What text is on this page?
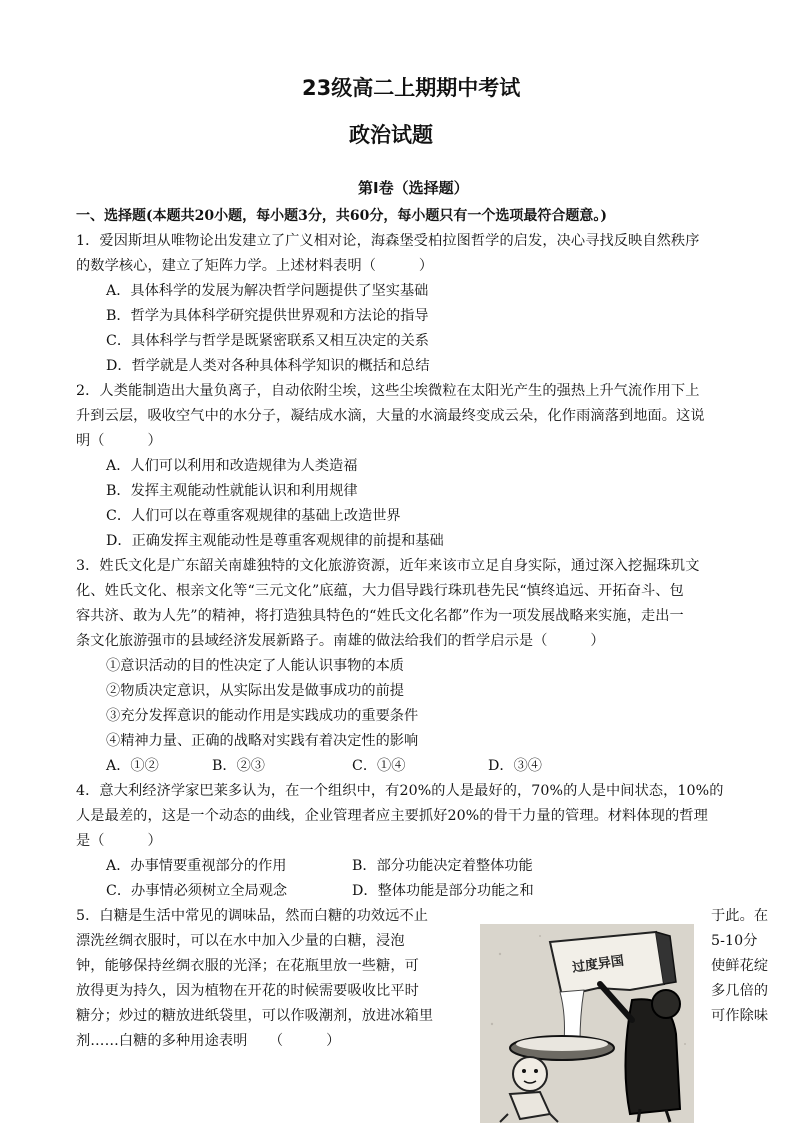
23级高二上期期中考试
政治试题
第Ⅰ卷（选择题）
一、选择题(本题共20小题，每小题3分，共60分，每小题只有一个选项最符合题意。)
1．爱因斯坦从唯物论出发建立了广义相对论，海森堡受柏拉图哲学的启发，决心寻找反映自然秩序
的数学核心，建立了矩阵力学。上述材料表明（　　　）
A．具体科学的发展为解决哲学问题提供了坚实基础
B．哲学为具体科学研究提供世界观和方法论的指导
C．具体科学与哲学是既紧密联系又相互决定的关系
D．哲学就是人类对各种具体科学知识的概括和总结
2．人类能制造出大量负离子，自动依附尘埃，这些尘埃微粒在太阳光产生的强热上升气流作用下上
升到云层，吸收空气中的水分子，凝结成水滴，大量的水滴最终变成云朵，化作雨滴落到地面。这说
明（　　　）
A．人们可以利用和改造规律为人类造福
B．发挥主观能动性就能认识和利用规律
C．人们可以在尊重客观规律的基础上改造世界
D．正确发挥主观能动性是尊重客观规律的前提和基础
3．姓氏文化是广东韶关南雄独特的文化旅游资源，近年来该市立足自身实际，通过深入挖掘珠玑文
化、姓氏文化、根亲文化等“三元文化”底蕴，大力倡导践行珠玑巷先民“慎终追远、开拓奋斗、包
容共济、敢为人先”的精神，将打造独具特色的“姓氏文化名都”作为一项发展战略来实施，走出一
条文化旅游强市的县域经济发展新路子。南雄的做法给我们的哲学启示是（　　　）
①意识活动的目的性决定了人能认识事物的本质
②物质决定意识，从实际出发是做事成功的前提
③充分发挥意识的能动作用是实践成功的重要条件
④精神力量、正确的战略对实践有着决定性的影响
A．①②	B．②③	C．①④	D．③④
4．意大利经济学家巴莱多认为，在一个组织中，有20%的人是最好的，70%的人是中间状态，10%的
人是最差的，这是一个动态的曲线，企业管理者应主要抓好20%的骨干力量的管理。材料体现的哲理
是（　　　）
A．办事情要重视部分的作用	B．部分功能决定着整体功能
C．办事情必须树立全局观念	D．整体功能是部分功能之和
5．白糖是生活中常见的调味品，然而白糖的功效远不止	于此。在
漂洗丝绸衣服时，可以在水中加入少量的白糖，浸泡	5-10分
钟，能够保持丝绸衣服的光泽；在花瓶里放一些糖，可	使鲜花绽
放得更为持久，因为植物在开花的时候需要吸收比平时	多几倍的
糖分；炒过的糖放进纸袋里，可以作吸潮剂，放进冰箱里	可作除味
剂……白糖的多种用途表明　　（　　　）
过度异国
